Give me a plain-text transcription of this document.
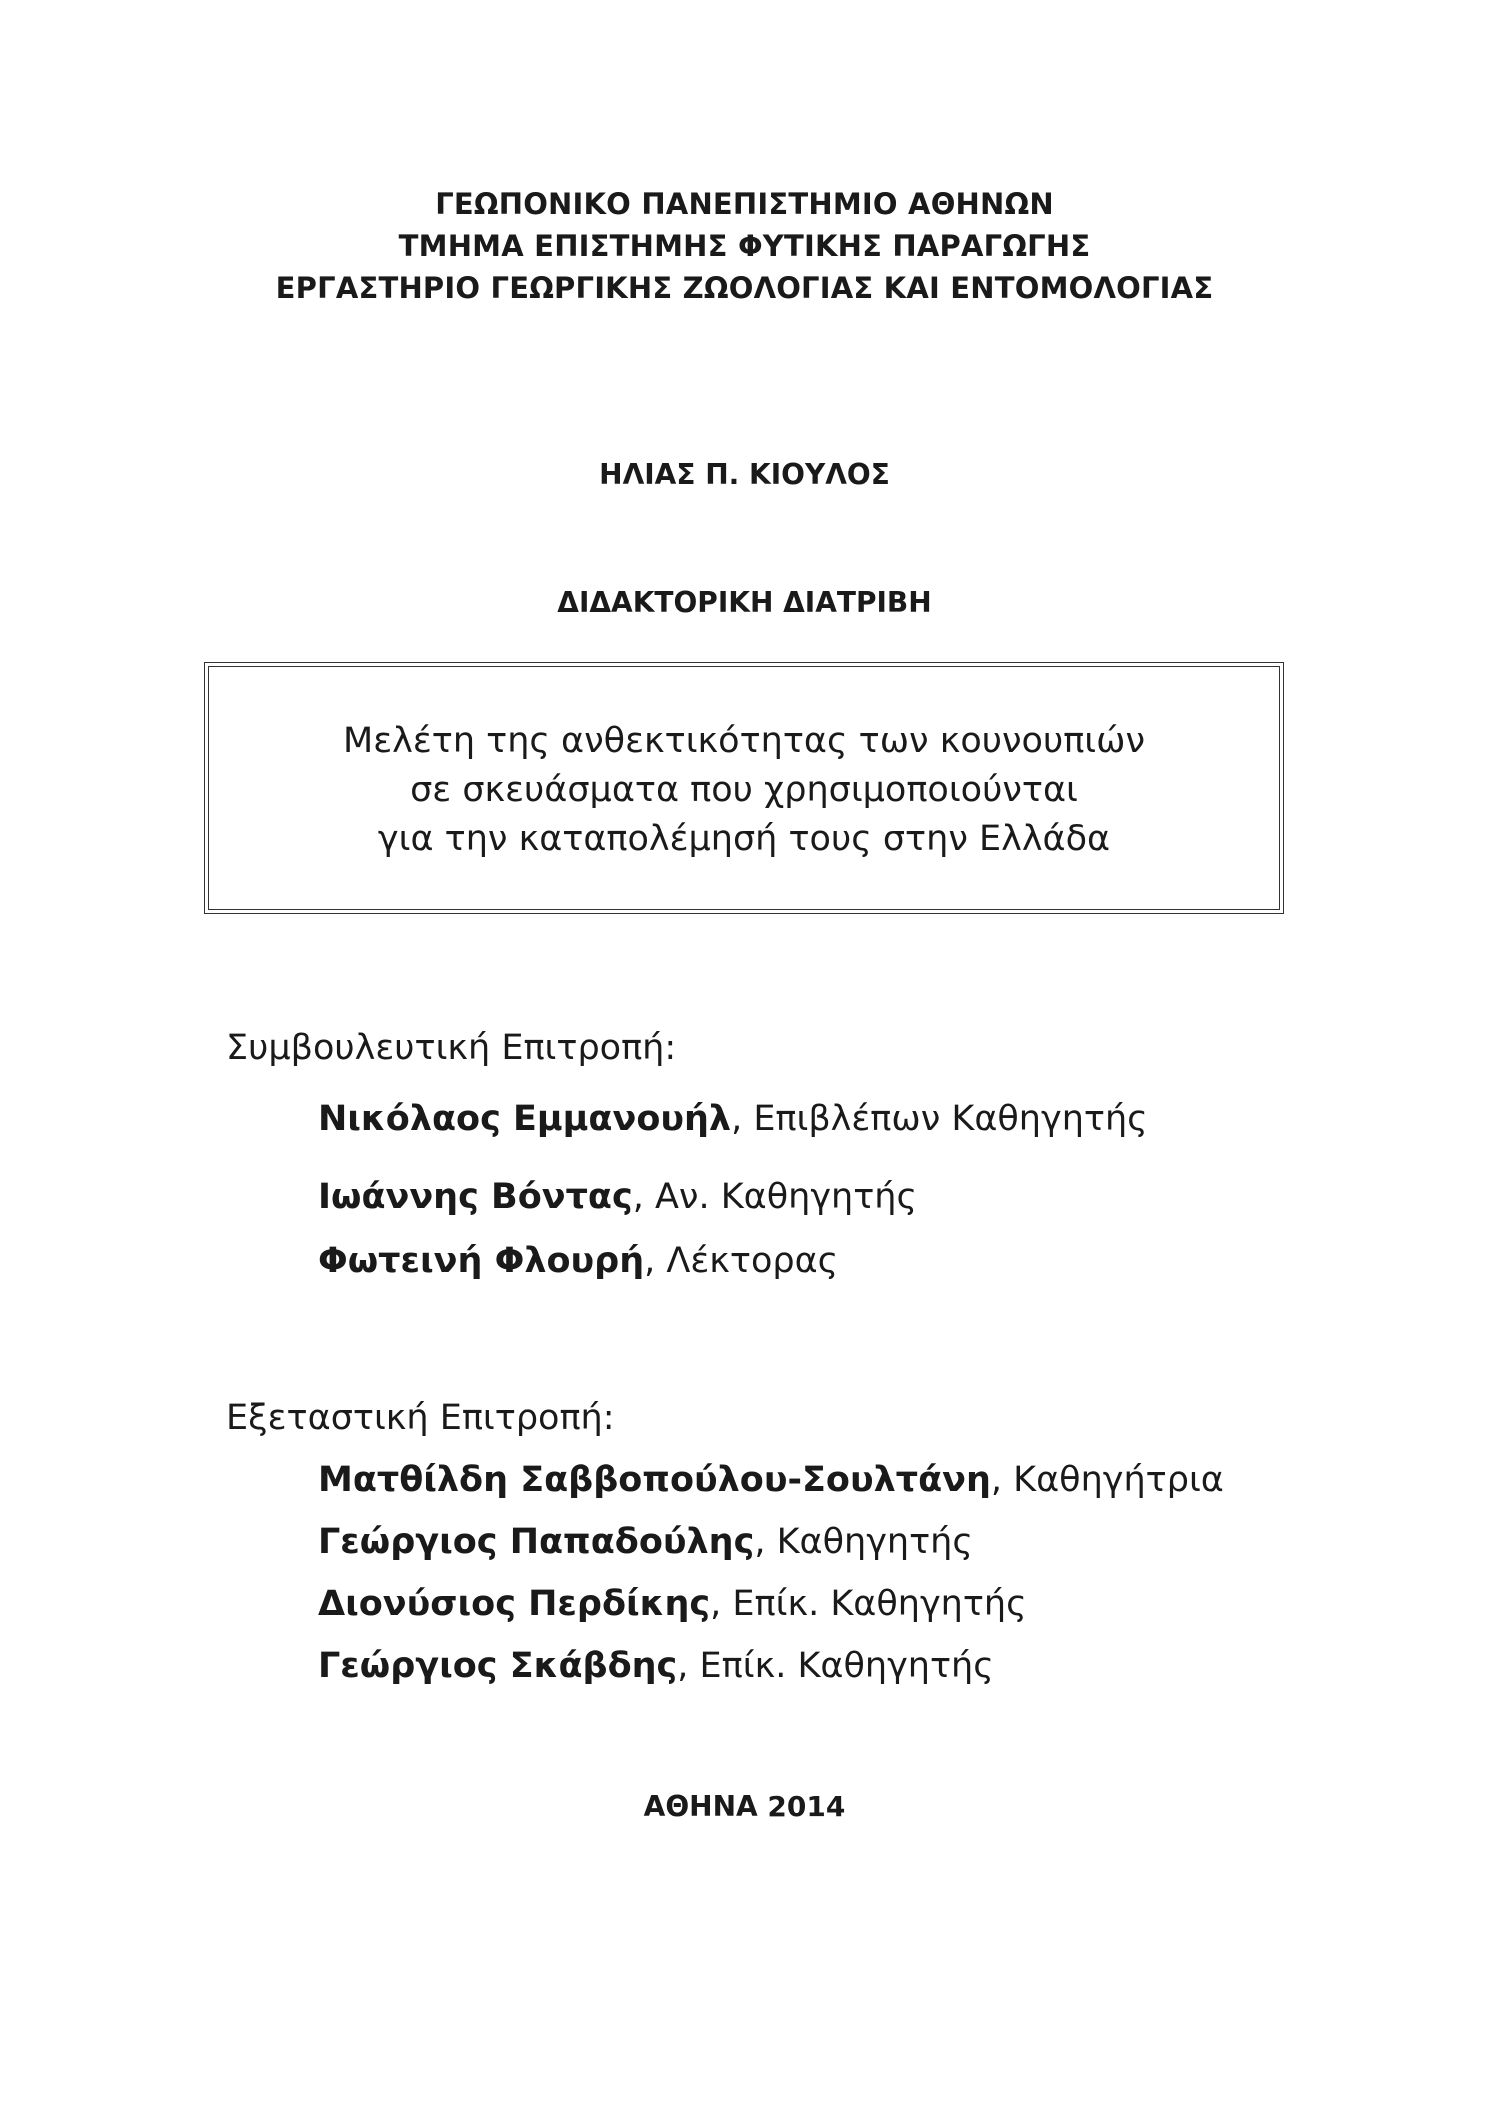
ΓΕΩΠΟΝΙΚΟ ΠΑΝΕΠΙΣΤΗΜΙΟ ΑΘΗΝΩΝ
ΤΜΗΜΑ ΕΠΙΣΤΗΜΗΣ ΦΥΤΙΚΗΣ ΠΑΡΑΓΩΓΗΣ
ΕΡΓΑΣΤΗΡΙΟ ΓΕΩΡΓΙΚΗΣ ΖΩΟΛΟΓΙΑΣ ΚΑΙ ΕΝΤΟΜΟΛΟΓΙΑΣ
ΗΛΙΑΣ Π. ΚΙΟΥΛΟΣ
ΔΙΔΑΚΤΟΡΙΚΗ ΔΙΑΤΡΙΒΗ
Μελέτη της ανθεκτικότητας των κουνουπιών
σε σκευάσματα που χρησιμοποιούνται
για την καταπολέμησή τους στην Ελλάδα
Συμβουλευτική Επιτροπή:
Νικόλαος Εμμανουήλ, Επιβλέπων Καθηγητής
Ιωάννης Βόντας, Αν. Καθηγητής
Φωτεινή Φλουρή, Λέκτορας
Εξεταστική Επιτροπή:
Ματθίλδη Σαββοπούλου-Σουλτάνη, Καθηγήτρια
Γεώργιος Παπαδούλης, Καθηγητής
Διονύσιος Περδίκης, Επίκ. Καθηγητής
Γεώργιος Σκάβδης, Επίκ. Καθηγητής
ΑΘΗΝΑ 2014
